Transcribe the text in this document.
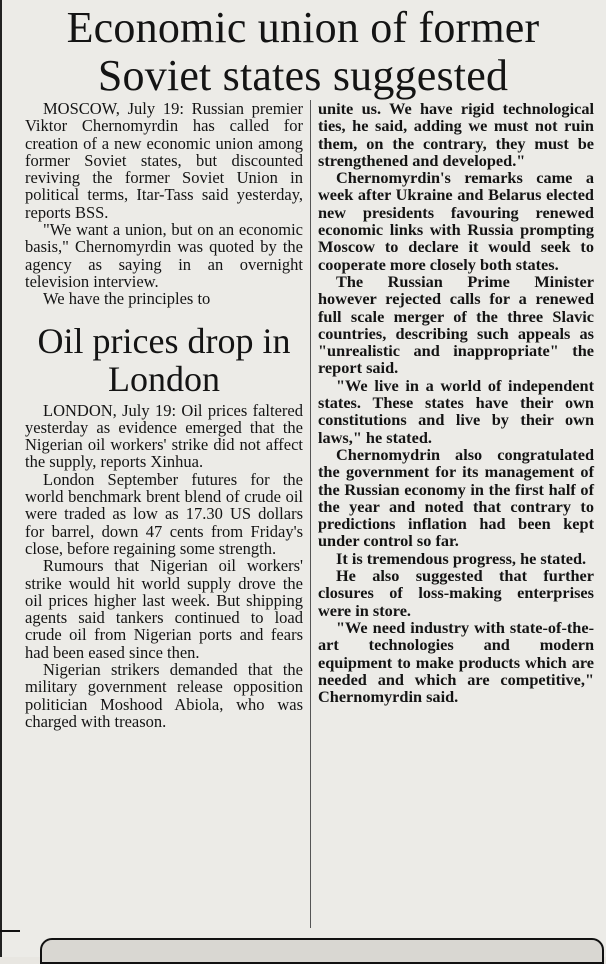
Economic union of former Soviet states suggested

MOSCOW, July 19: Russian premier Viktor Chernomyrdin has called for creation of a new economic union among former Soviet states, but discounted reviving the former Soviet Union in political terms, Itar-Tass said yesterday, reports BSS.

"We want a union, but on an economic basis," Chernomyrdin was quoted by the agency as saying in an overnight television interview.

We have the principles to

Oil prices drop in London

LONDON, July 19: Oil prices faltered yesterday as evidence emerged that the Nigerian oil workers' strike did not affect the supply, reports Xinhua.

London September futures for the world benchmark brent blend of crude oil were traded as low as 17.30 US dollars for barrel, down 47 cents from Friday's close, before regaining some strength.

Rumours that Nigerian oil workers' strike would hit world supply drove the oil prices higher last week. But shipping agents said tankers continued to load crude oil from Nigerian ports and fears had been eased since then.

Nigerian strikers demanded that the military government release opposition politician Moshood Abiola, who was charged with treason.

unite us. We have rigid technological ties, he said, adding we must not ruin them, on the contrary, they must be strengthened and developed."

Chernomyrdin's remarks came a week after Ukraine and Belarus elected new presidents favouring renewed economic links with Russia prompting Moscow to declare it would seek to cooperate more closely both states.

The Russian Prime Minister however rejected calls for a renewed full scale merger of the three Slavic countries, describing such appeals as "unrealistic and inappropriate" the report said.

"We live in a world of independent states. These states have their own constitutions and live by their own laws," he stated.

Chernomydrin also congratulated the government for its management of the Russian economy in the first half of the year and noted that contrary to predictions inflation had been kept under control so far.

It is tremendous progress, he stated.

He also suggested that further closures of loss-making enterprises were in store.

"We need industry with state-of-the-art technologies and modern equipment to make products which are needed and which are competitive," Chernomyrdin said.
